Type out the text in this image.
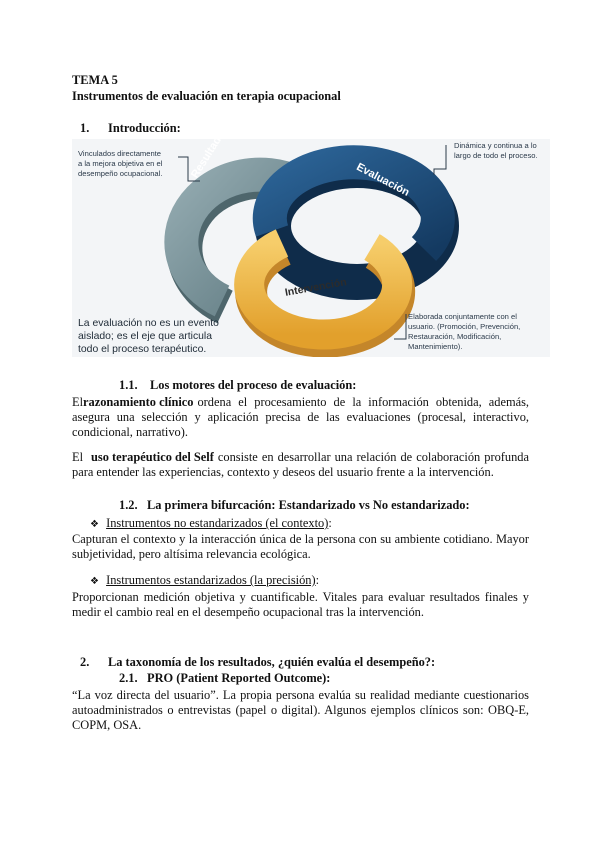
TEMA 5
Instrumentos de evaluación en terapia ocupacional
1. Introducción: Resultados	Evaluación
Intervención
Vinculados directamente
a la mejora objetiva en el
desempeño ocupacional.
Dinámica y continua a lo
largo de todo el proceso.
La evaluación no es un evento
aislado; es el eje que articula
todo el proceso terapéutico.
Elaborada conjuntamente con el
usuario. (Promoción, Prevención,
Restauración, Modificación,
Mantenimiento).
1.1. Los motores del proceso de evaluación:
El razonamiento clínico ordena el procesamiento de la información obtenida, además,
asegura una selección y aplicación precisa de las evaluaciones (procesal, interactivo,
condicional, narrativo).
El uso terapéutico del Self consiste en desarrollar una relación de colaboración profunda
para entender las experiencias, contexto y deseos del usuario frente a la intervención.
1.2. La primera bifurcación: Estandarizado vs No estandarizado:
❖ Instrumentos no estandarizados (el contexto):
Capturan el contexto y la interacción única de la persona con su ambiente cotidiano. Mayor
subjetividad, pero altísima relevancia ecológica.
❖ Instrumentos estandarizados (la precisión):
Proporcionan medición objetiva y cuantificable. Vitales para evaluar resultados finales y
medir el cambio real en el desempeño ocupacional tras la intervención.
2. La taxonomía de los resultados, ¿quién evalúa el desempeño?:
2.1. PRO (Patient Reported Outcome):
“La voz directa del usuario”. La propia persona evalúa su realidad mediante cuestionarios
autoadministrados o entrevistas (papel o digital). Algunos ejemplos clínicos son: OBQ-E,
COPM, OSA.
